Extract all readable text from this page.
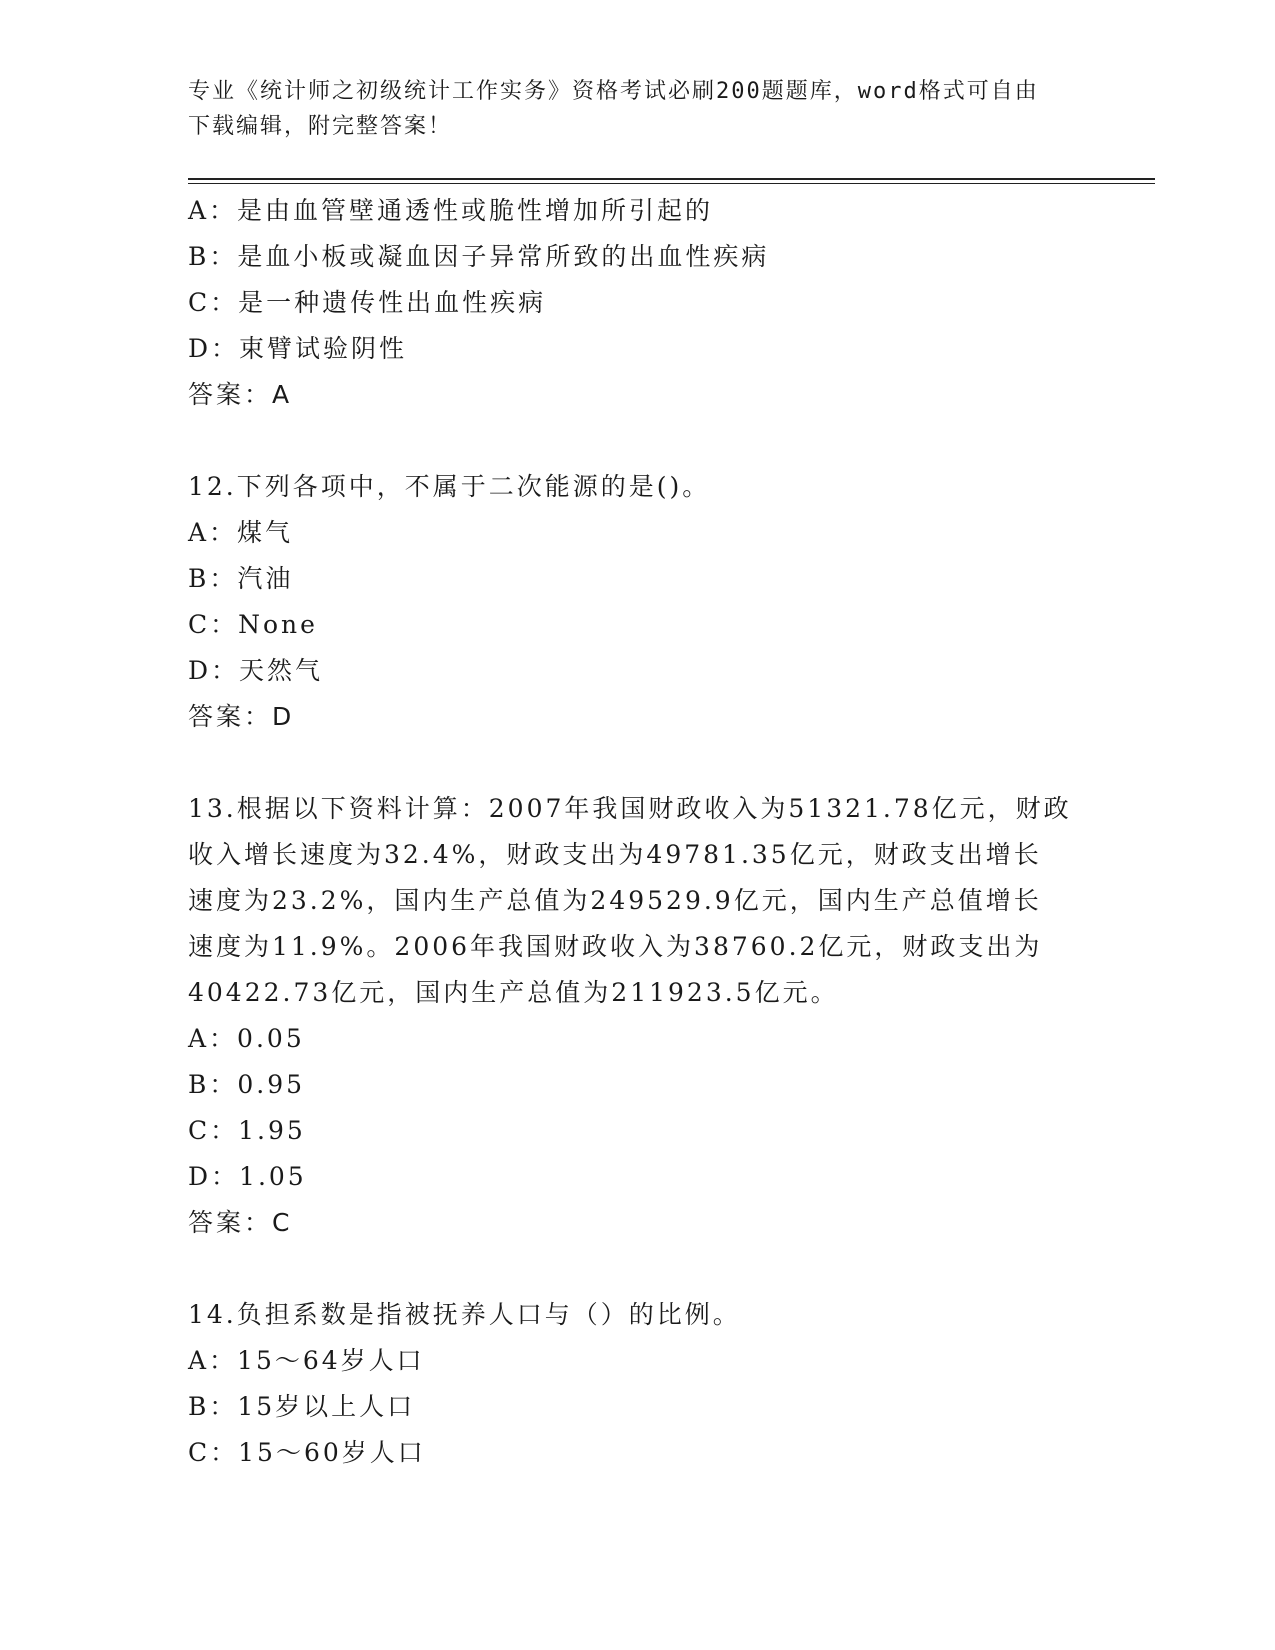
专业《统计师之初级统计工作实务》资格考试必刷200题题库，word格式可自由
下载编辑，附完整答案！
A：是由血管壁通透性或脆性增加所引起的
B：是血小板或凝血因子异常所致的出血性疾病
C：是一种遗传性出血性疾病
D：束臂试验阴性
答案：A
12.下列各项中，不属于二次能源的是()。
A：煤气
B：汽油
C：None
D：天然气
答案：D
13.根据以下资料计算：2007年我国财政收入为51321.78亿元，财政
收入增长速度为32.4%，财政支出为49781.35亿元，财政支出增长
速度为23.2%，国内生产总值为249529.9亿元，国内生产总值增长
速度为11.9%。2006年我国财政收入为38760.2亿元，财政支出为
40422.73亿元，国内生产总值为211923.5亿元。
A：0.05
B：0.95
C：1.95
D：1.05
答案：C
14.负担系数是指被抚养人口与（）的比例。
A：15～64岁人口
B：15岁以上人口
C：15～60岁人口
